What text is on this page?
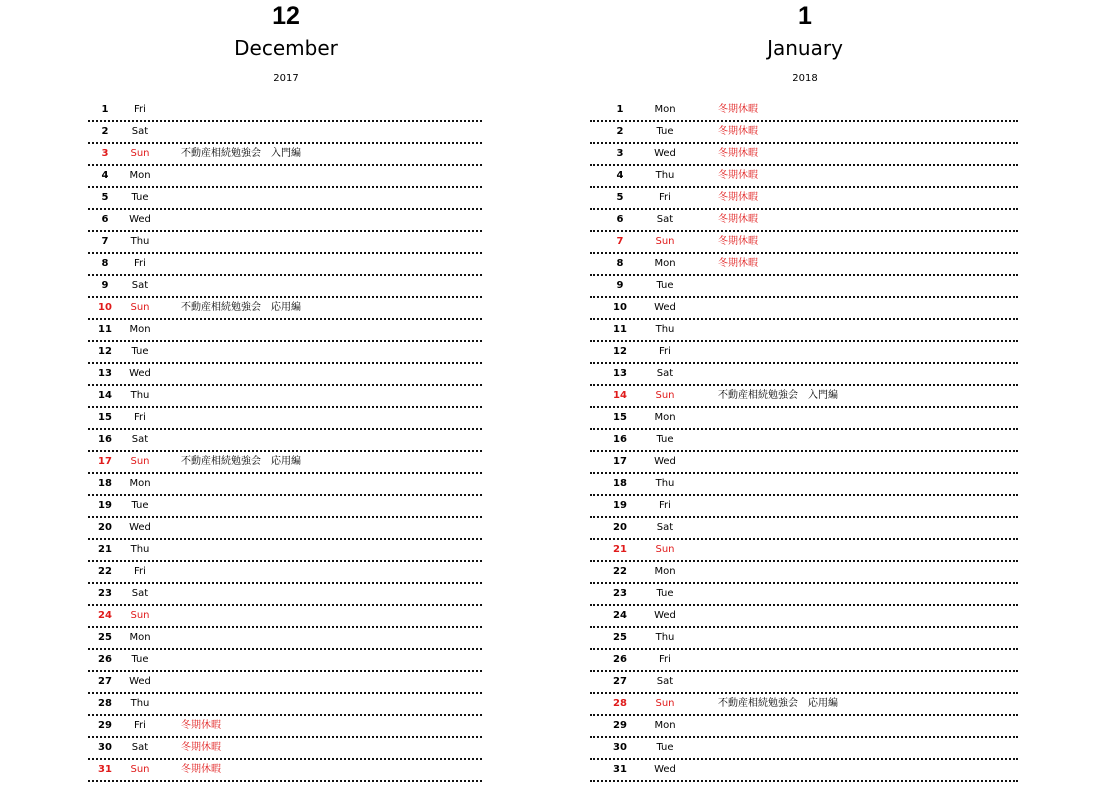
12
December
2017
1	Fri
2	Sat
3	Sun	不動産相続勉強会　入門編
4	Mon
5	Tue
6	Wed
7	Thu
8	Fri
9	Sat
10	Sun	不動産相続勉強会　応用編
11	Mon
12	Tue
13	Wed
14	Thu
15	Fri
16	Sat
17	Sun	不動産相続勉強会　応用編
18	Mon
19	Tue
20	Wed
21	Thu
22	Fri
23	Sat
24	Sun
25	Mon
26	Tue
27	Wed
28	Thu
29	Fri	冬期休暇
30	Sat	冬期休暇
31	Sun	冬期休暇
1
January
2018
1	Mon	冬期休暇
2	Tue	冬期休暇
3	Wed	冬期休暇
4	Thu	冬期休暇
5	Fri	冬期休暇
6	Sat	冬期休暇
7	Sun	冬期休暇
8	Mon	冬期休暇
9	Tue
10	Wed
11	Thu
12	Fri
13	Sat
14	Sun	不動産相続勉強会　入門編
15	Mon
16	Tue
17	Wed
18	Thu
19	Fri
20	Sat
21	Sun
22	Mon
23	Tue
24	Wed
25	Thu
26	Fri
27	Sat
28	Sun	不動産相続勉強会　応用編
29	Mon
30	Tue
31	Wed
